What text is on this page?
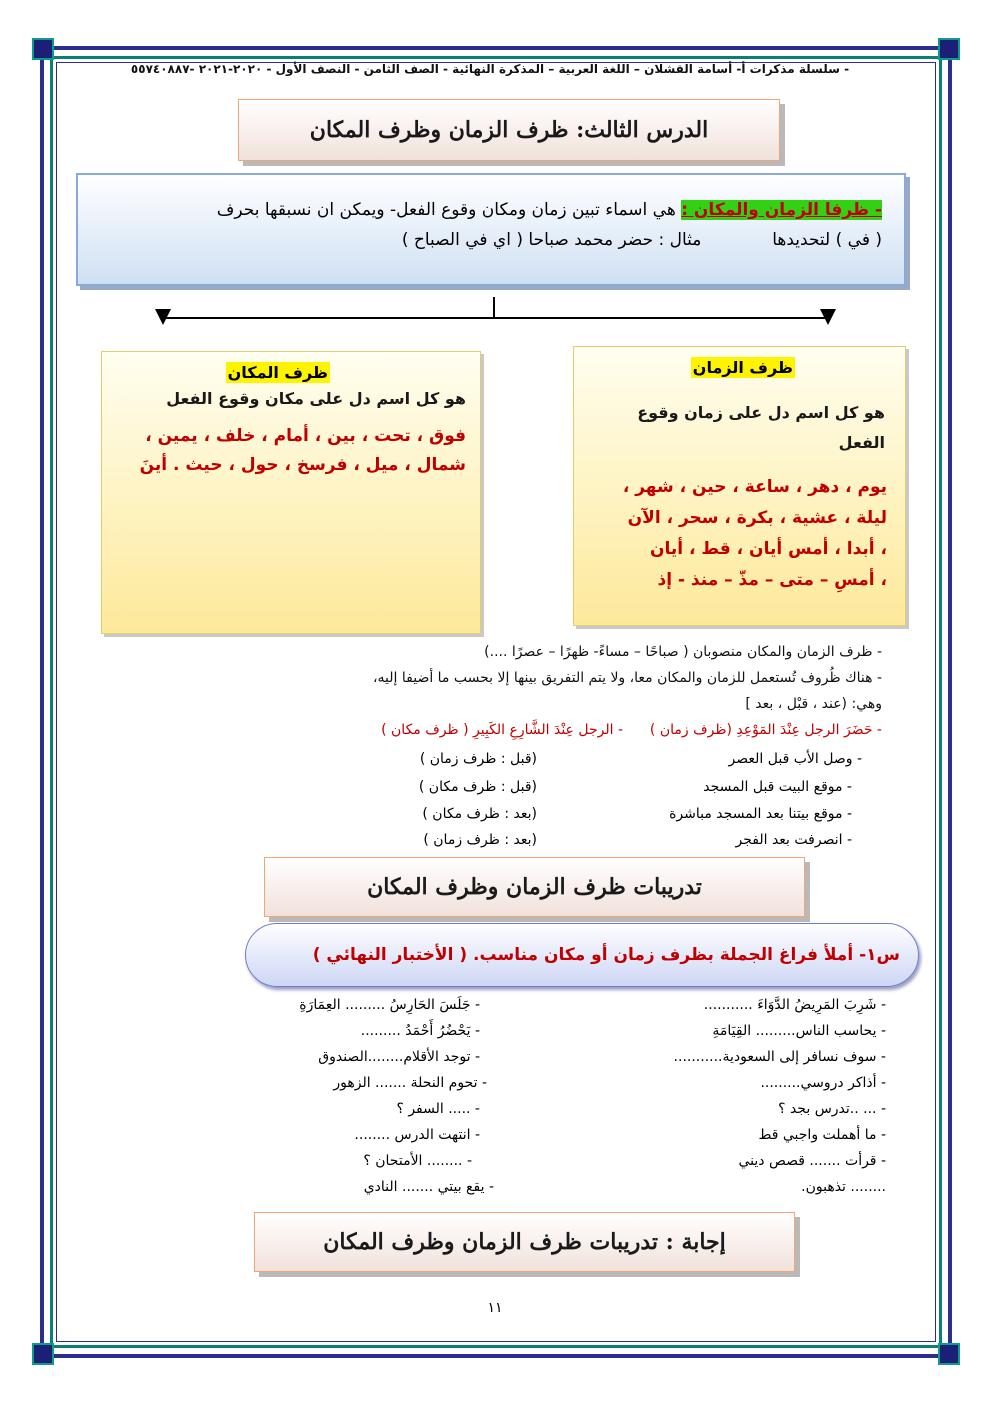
- سلسلة مذكرات أ- أسامة القشلان – اللغة العربية – المذكرة النهائية - الصف الثامن - النصف الأول - ٢٠٢٠-٢٠٢١ -٥٥٧٤٠٨٨٧
الدرس الثالث: ظرف الزمان وظرف المكان
- ظرفا الزمان والمكان : هي اسماء تبين زمان ومكان وقوع الفعل- ويمكن ان نسبقها بحرف
( في ) لتحديدها  مثال : حضر محمد صباحا ( اي في الصباح )
ظرف الزمان
هو كل اسم دل على زمان وقوع الفعل
يوم ، دهر ، ساعة ، حين ، شهر ،
ليلة ، عشية ، بكرة ، سحر ، الآن
، أبدا ، أمس أيان ، قط ، أيان
، أمسِ – متى – مذّ – منذ - إذ
ظرف المكان
هو كل اسم دل على مكان وقوع الفعل
فوق ، تحت ، بين ، أمام ، خلف ، يمين ،
شمال ، ميل ، فرسخ ، حول ، حيث . أينَ
- ظرف الزمان والمكان منصوبان ( صباحًا – مساءً- ظهرًا – عصرًا ....)
- هناك ظُروف تُستعمل للزمان والمكان معا، ولا يتم التفريق بينها إلا بحسب ما أضيفا إليه،
وهي: (عند ، قبْل ، بعد ]
- حَضَرَ الرجل عِنْدَ المَوْعِدِ (ظرف زمان )  - الرجل عِنْدَ الشَّارِعِ الكَبِيرِ ( ظرف مكان )
- وصل الأب قبل العصر
(قبل : ظرف زمان )
- موقع البيت قبل المسجد
(قبل : ظرف مكان )
- موقع بيتنا بعد المسجد مباشرة
(بعد : ظرف مكان )
- انصرفت بعد الفجر
(بعد : ظرف زمان )
تدريبات ظرف الزمان وظرف المكان
س١- أملأ فراغ الجملة بظرف زمان أو مكان مناسب. ( الأختبار النهائي )
- شَرِبَ المَرِيضُ الدَّوَاءَ ...........
- يحاسب الناس......... القِيَامَةِ
- سوف نسافر إلى السعودية...........
- أذاكر دروسي.........
- ... ..تدرس بجد ؟
- ما أهملت واجبي قط
- قرأت ....... قصص ديني
........ تذهبون.
- جَلَسَ الحَارِسُ ......... العِمَارَةِ
- يَحْضُرُ أَحْمَدُ .........
- توجد الأقلام........الصندوق
- تحوم النحلة ....... الزهور
- ..... السفر ؟
- انتهت الدرس ........
- ........ الأمتحان ؟
- يقع بيتي ....... النادي
إجابة : تدريبات ظرف الزمان وظرف المكان
١١
